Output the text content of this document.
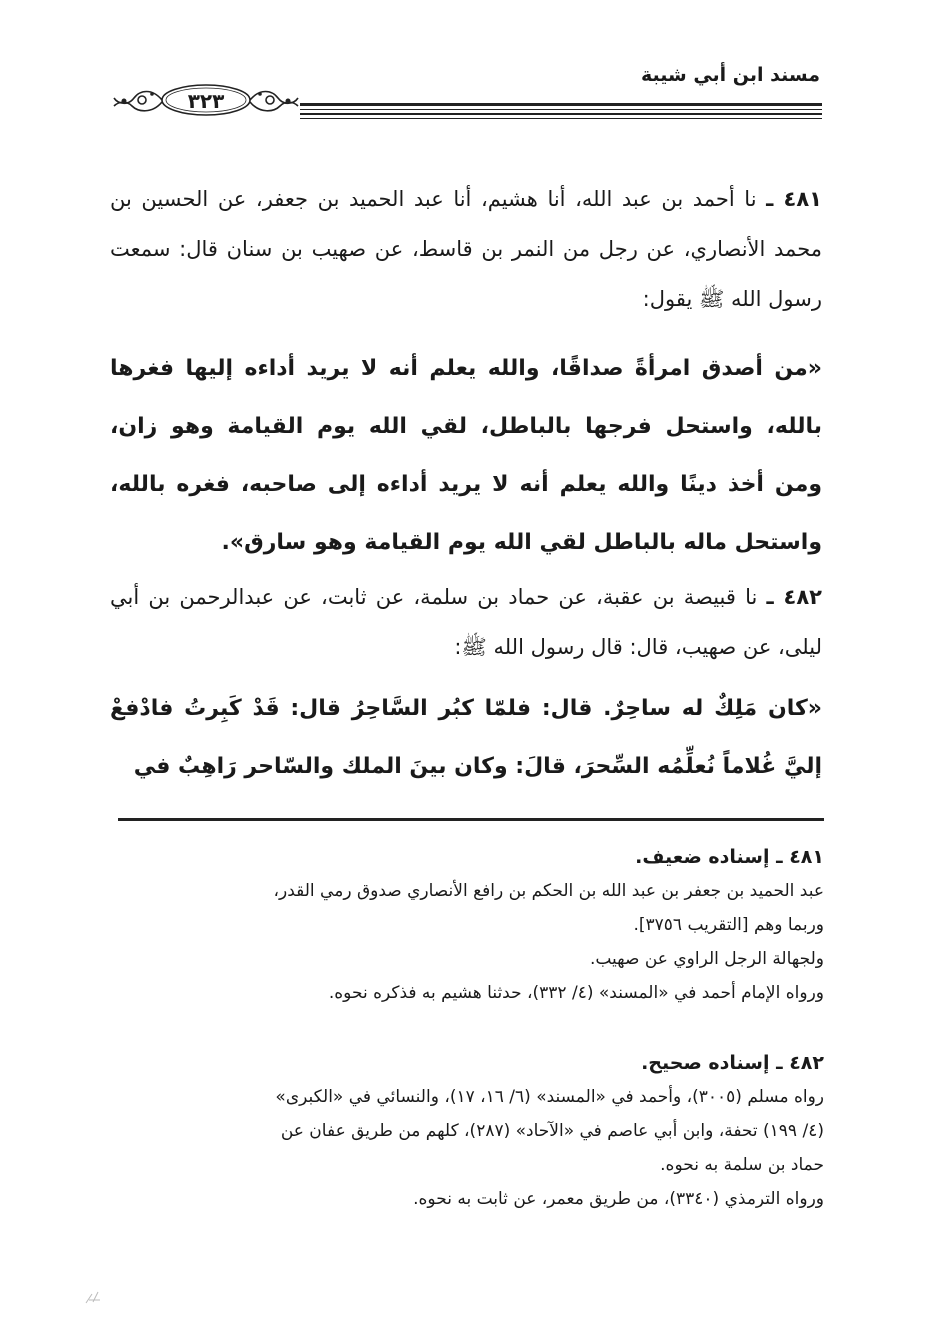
مسند ابن أبي شيبة
٣٢٣
٤٨١ ـ نا أحمد بن عبد الله، أنا هشيم، أنا عبد الحميد بن جعفر، عن الحسين بن محمد الأنصاري، عن رجل من النمر بن قاسط، عن صهيب بن سنان قال: سمعت رسول الله ﷺ يقول:
«من أصدق امرأةً صداقًا، والله يعلم أنه لا يريد أداءه إليها فغرها بالله، واستحل فرجها بالباطل، لقي الله يوم القيامة وهو زان، ومن أخذ دينًا والله يعلم أنه لا يريد أداءه إلى صاحبه، فغره بالله، واستحل ماله بالباطل لقي الله يوم القيامة وهو سارق».
٤٨٢ ـ نا قبيصة بن عقبة، عن حماد بن سلمة، عن ثابت، عن عبدالرحمن بن أبي ليلى، عن صهيب، قال: قال رسول الله ﷺ:
«كان مَلِكٌ له ساحِرٌ. قال: فلمّا كبُر السَّاحِرُ قال: قَدْ كَبِرتُ فادْفعْ إليَّ غُلاماً نُعلِّمُه السِّحرَ، قالَ: وكان بينَ الملك والسّاحر رَاهِبٌ في
٤٨١ ـ إسناده ضعيف.
عبد الحميد بن جعفر بن عبد الله بن الحكم بن رافع الأنصاري صدوق رمي القدر،
وربما وهم [التقريب ٣٧٥٦].
ولجهالة الرجل الراوي عن صهيب.
ورواه الإمام أحمد في «المسند» (٤/ ٣٣٢)، حدثنا هشيم به فذكره نحوه.
٤٨٢ ـ إسناده صحيح.
رواه مسلم (٣٠٠٥)، وأحمد في «المسند» (٦/ ١٦، ١٧)، والنسائي في «الكبرى»
(٤/ ١٩٩) تحفة، وابن أبي عاصم في «الآحاد» (٢٨٧)، كلهم من طريق عفان عن
حماد بن سلمة به نحوه.
ورواه الترمذي (٣٣٤٠)، من طريق معمر، عن ثابت به نحوه.
